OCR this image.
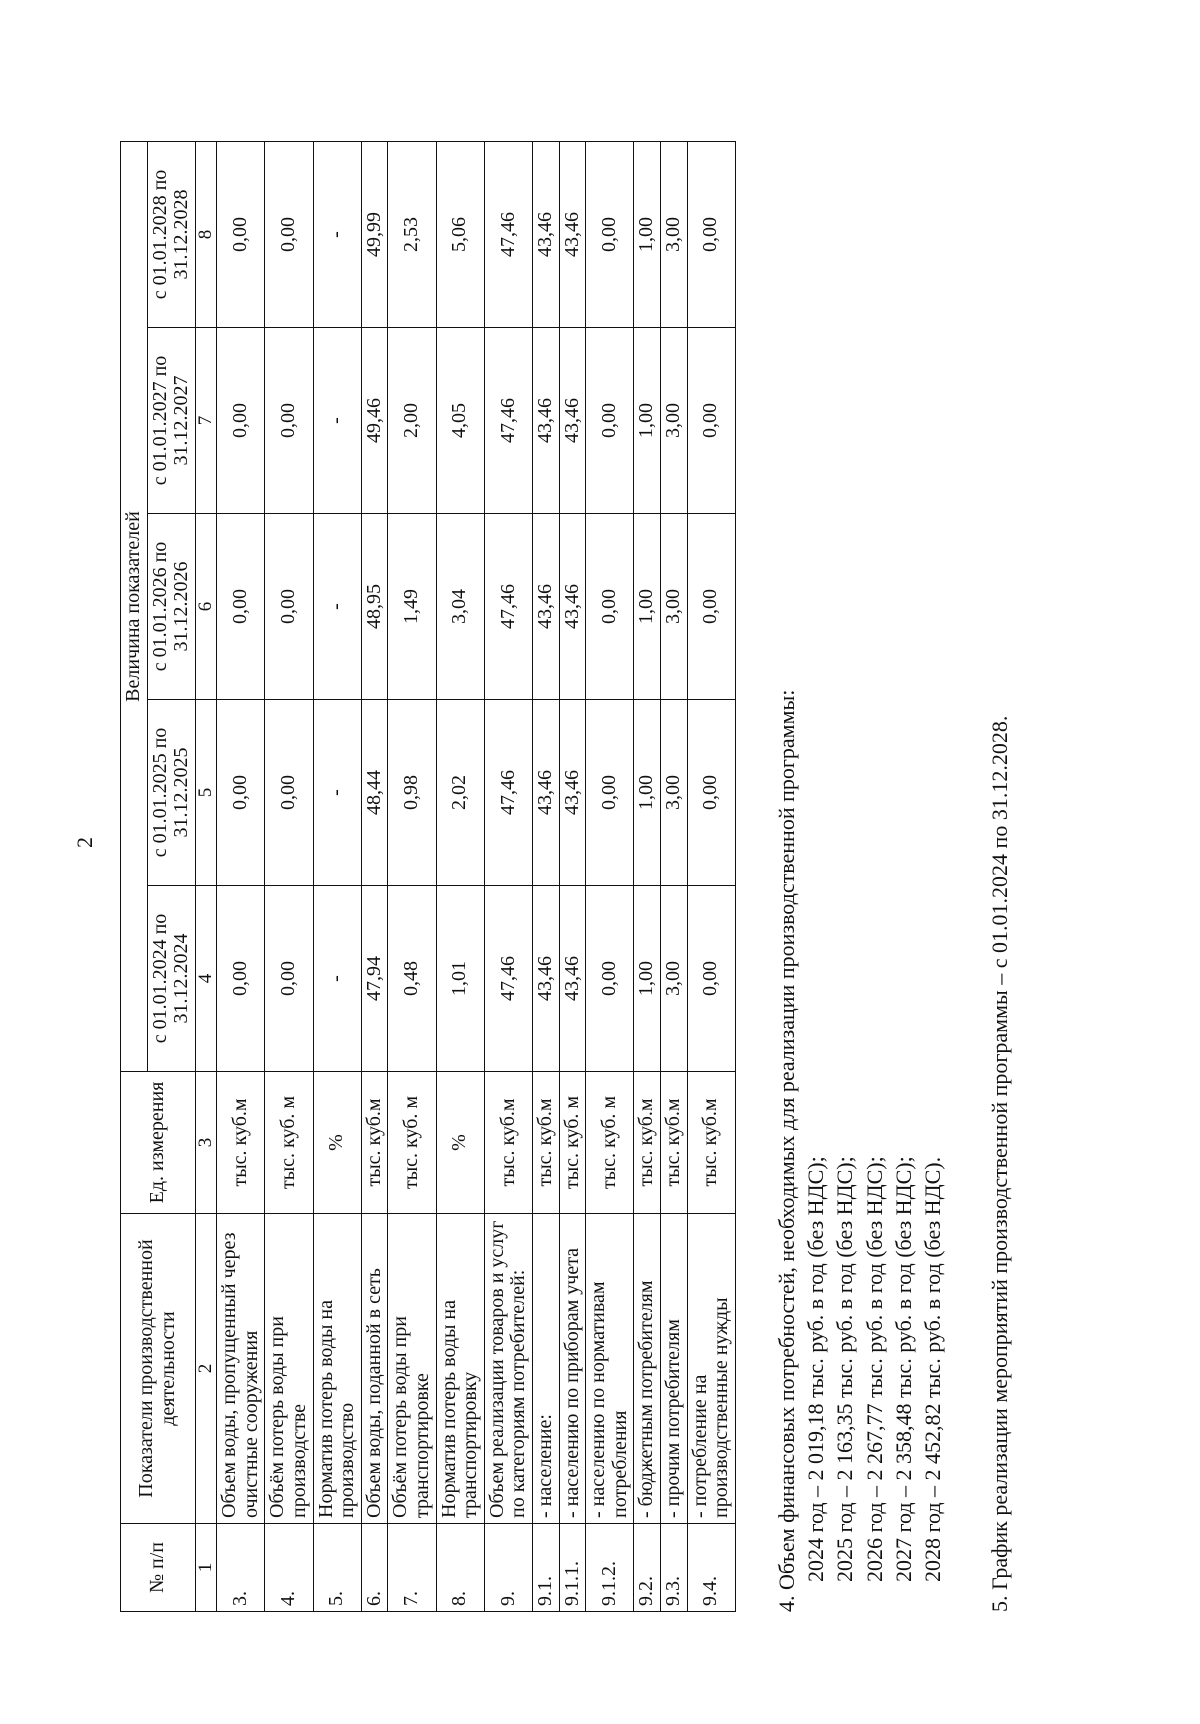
2
№ п/п	Показатели производственной деятельности	Ед. измерения	Величина показателей				
			с 01.01.2024 по 31.12.2024	с 01.01.2025 по 31.12.2025	с 01.01.2026 по 31.12.2026	с 01.01.2027 по 31.12.2027	с 01.01.2028 по 31.12.2028
1	2	3	4	5	6	7	8
3.	Объем воды, пропущенный через очистные сооружения	тыс. куб.м	0,00	0,00	0,00	0,00	0,00
4.	Объём потерь воды при производстве	тыс. куб. м	0,00	0,00	0,00	0,00	0,00
5.	Норматив потерь воды на производство	%	-	-	-	-	-
6.	Объем воды, поданной в сеть	тыс. куб.м	47,94	48,44	48,95	49,46	49,99
7.	Объём потерь воды при транспортировке	тыс. куб. м	0,48	0,98	1,49	2,00	2,53
8.	Норматив потерь воды на транспортировку	%	1,01	2,02	3,04	4,05	5,06
9.	Объем реализации товаров и услуг по категориям потребителей:	тыс. куб.м	47,46	47,46	47,46	47,46	47,46
9.1.	- население:	тыс. куб.м	43,46	43,46	43,46	43,46	43,46
9.1.1.	- населению по приборам учета	тыс. куб. м	43,46	43,46	43,46	43,46	43,46
9.1.2.	- населению по нормативам потребления	тыс. куб. м	0,00	0,00	0,00	0,00	0,00
9.2.	- бюджетным потребителям	тыс. куб.м	1,00	1,00	1,00	1,00	1,00
9.3.	- прочим потребителям	тыс. куб.м	3,00	3,00	3,00	3,00	3,00
9.4.	- потребление на производственные нужды	тыс. куб.м	0,00	0,00	0,00	0,00	0,00
4. Объем финансовых потребностей, необходимых для реализации производственной программы: 2024 год – 2 019,18 тыс. руб. в год (без НДС); 2025 год – 2 163,35 тыс. руб. в год (без НДС); 2026 год – 2 267,77 тыс. руб. в год (без НДС); 2027 год – 2 358,48 тыс. руб. в год (без НДС); 2028 год – 2 452,82 тыс. руб. в год (без НДС). 5. График реализации мероприятий производственной программы – с 01.01.2024 по 31.12.2028.
